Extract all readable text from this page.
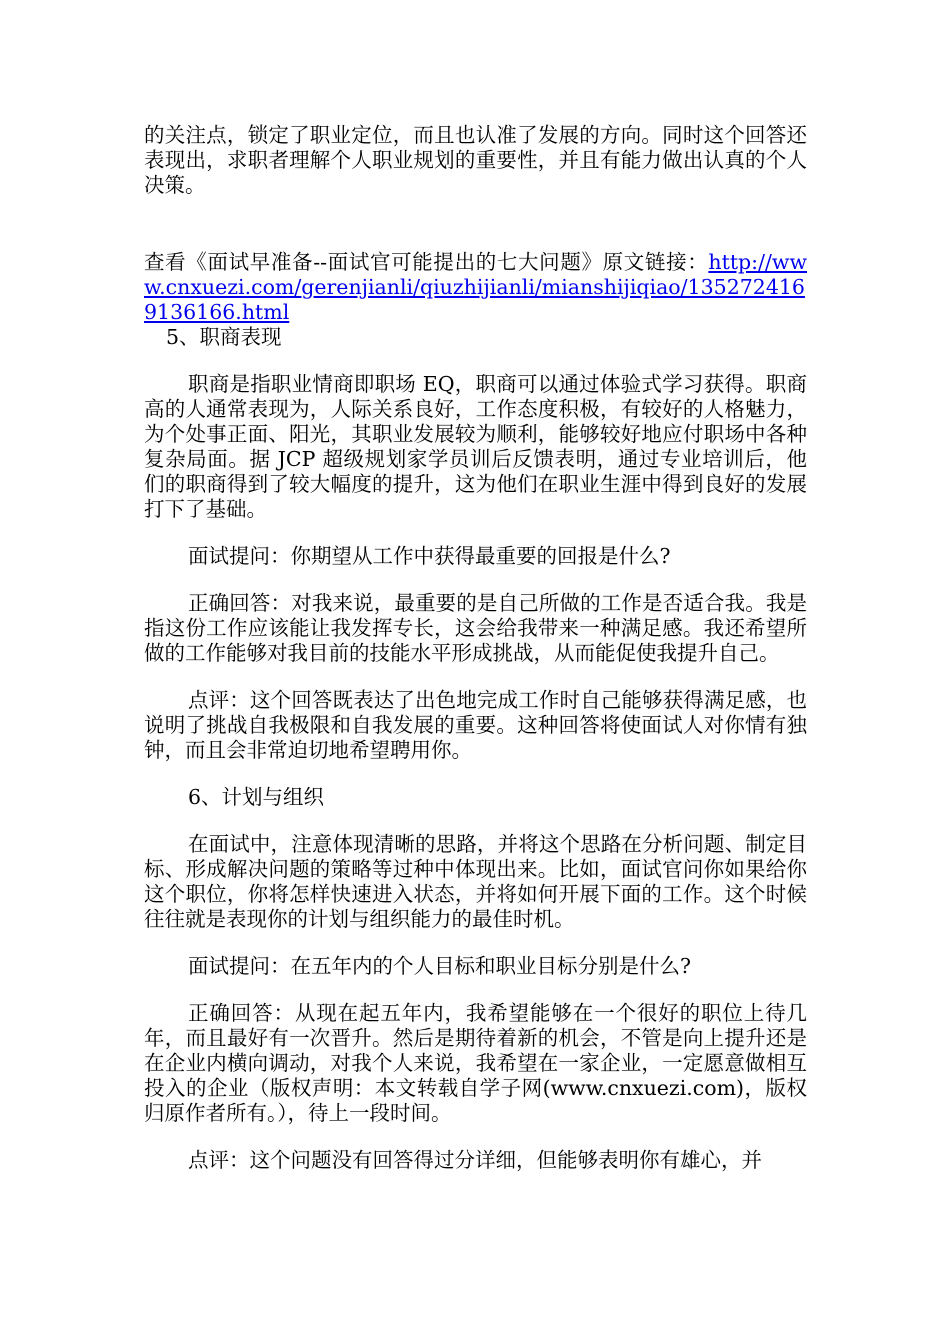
的关注点，锁定了职业定位，而且也认准了发展的方向。同时这个回答还表现出，求职者理解个人职业规划的重要性，并且有能力做出认真的个人决策。

查看《面试早准备--面试官可能提出的七大问题》原文链接：http://www.cnxuezi.com/gerenjianli/qiuzhijianli/mianshijiqiao/1352724169136166.html

5、职商表现

职商是指职业情商即职场 EQ，职商可以通过体验式学习获得。职商高的人通常表现为，人际关系良好，工作态度积极，有较好的人格魅力，为个处事正面、阳光，其职业发展较为顺利，能够较好地应付职场中各种复杂局面。据 JCP 超级规划家学员训后反馈表明，通过专业培训后，他们的职商得到了较大幅度的提升，这为他们在职业生涯中得到良好的发展打下了基础。

面试提问：你期望从工作中获得最重要的回报是什么?

正确回答：对我来说，最重要的是自己所做的工作是否适合我。我是指这份工作应该能让我发挥专长，这会给我带来一种满足感。我还希望所做的工作能够对我目前的技能水平形成挑战，从而能促使我提升自己。

点评：这个回答既表达了出色地完成工作时自己能够获得满足感，也说明了挑战自我极限和自我发展的重要。这种回答将使面试人对你情有独钟，而且会非常迫切地希望聘用你。

6、计划与组织

在面试中，注意体现清晰的思路，并将这个思路在分析问题、制定目标、形成解决问题的策略等过种中体现出来。比如，面试官问你如果给你这个职位，你将怎样快速进入状态，并将如何开展下面的工作。这个时候往往就是表现你的计划与组织能力的最佳时机。

面试提问：在五年内的个人目标和职业目标分别是什么?

正确回答：从现在起五年内，我希望能够在一个很好的职位上待几年，而且最好有一次晋升。然后是期待着新的机会，不管是向上提升还是在企业内横向调动，对我个人来说，我希望在一家企业，一定愿意做相互投入的企业（版权声明：本文转载自学子网(www.cnxuezi.com)，版权归原作者所有。），待上一段时间。

点评：这个问题没有回答得过分详细，但能够表明你有雄心，并
